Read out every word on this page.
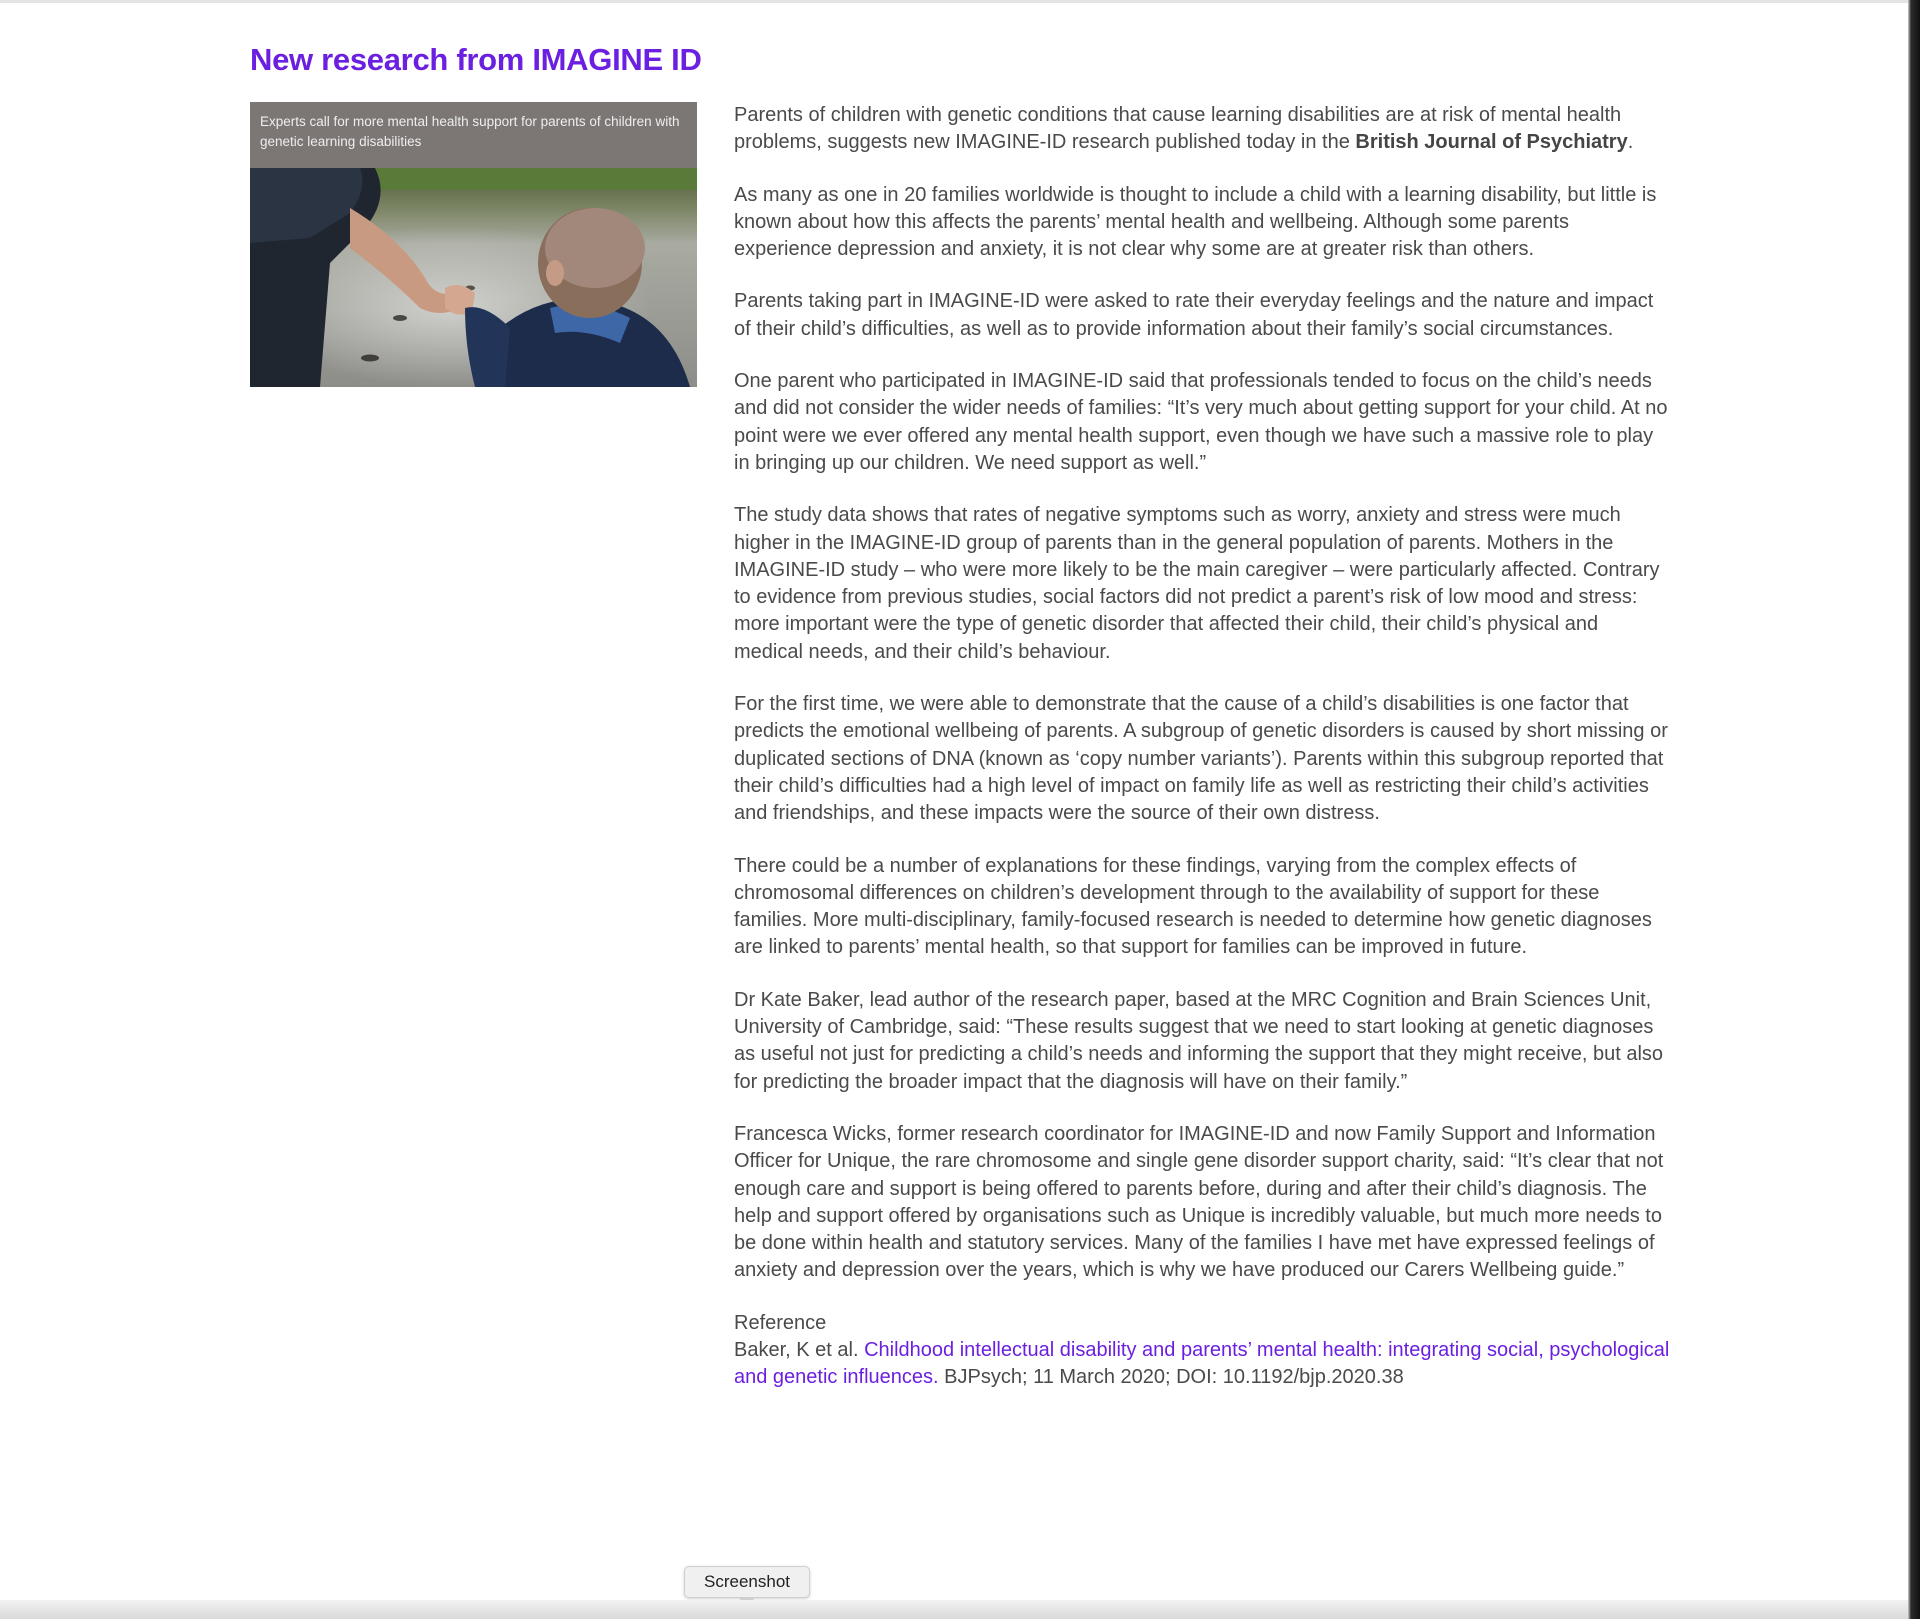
New research from IMAGINE ID
Experts call for more mental health support for parents of children with genetic learning disabilities

Parents of children with genetic conditions that cause learning disabilities are at risk of mental health problems, suggests new IMAGINE-ID research published today in the British Journal of Psychiatry.

As many as one in 20 families worldwide is thought to include a child with a learning disability, but little is known about how this affects the parents’ mental health and wellbeing. Although some parents experience depression and anxiety, it is not clear why some are at greater risk than others.

Parents taking part in IMAGINE-ID were asked to rate their everyday feelings and the nature and impact of their child’s difficulties, as well as to provide information about their family’s social circumstances.

One parent who participated in IMAGINE-ID said that professionals tended to focus on the child’s needs and did not consider the wider needs of families: “It’s very much about getting support for your child. At no point were we ever offered any mental health support, even though we have such a massive role to play in bringing up our children. We need support as well.”

The study data shows that rates of negative symptoms such as worry, anxiety and stress were much higher in the IMAGINE-ID group of parents than in the general population of parents. Mothers in the IMAGINE-ID study – who were more likely to be the main caregiver – were particularly affected. Contrary to evidence from previous studies, social factors did not predict a parent’s risk of low mood and stress: more important were the type of genetic disorder that affected their child, their child’s physical and medical needs, and their child’s behaviour.

For the first time, we were able to demonstrate that the cause of a child’s disabilities is one factor that predicts the emotional wellbeing of parents. A subgroup of genetic disorders is caused by short missing or duplicated sections of DNA (known as ‘copy number variants’). Parents within this subgroup reported that their child’s difficulties had a high level of impact on family life as well as restricting their child’s activities and friendships, and these impacts were the source of their own distress.

There could be a number of explanations for these findings, varying from the complex effects of chromosomal differences on children’s development through to the availability of support for these families. More multi-disciplinary, family-focused research is needed to determine how genetic diagnoses are linked to parents’ mental health, so that support for families can be improved in future.

Dr Kate Baker, lead author of the research paper, based at the MRC Cognition and Brain Sciences Unit, University of Cambridge, said: “These results suggest that we need to start looking at genetic diagnoses as useful not just for predicting a child’s needs and informing the support that they might receive, but also for predicting the broader impact that the diagnosis will have on their family.”

Francesca Wicks, former research coordinator for IMAGINE-ID and now Family Support and Information Officer for Unique, the rare chromosome and single gene disorder support charity, said: “It’s clear that not enough care and support is being offered to parents before, during and after their child’s diagnosis. The help and support offered by organisations such as Unique is incredibly valuable, but much more needs to be done within health and statutory services. Many of the families I have met have expressed feelings of anxiety and depression over the years, which is why we have produced our Carers Wellbeing guide.”

Reference
Baker, K et al. Childhood intellectual disability and parents’ mental health: integrating social, psychological and genetic influences. BJPsych; 11 March 2020; DOI: 10.1192/bjp.2020.38

Screenshot
